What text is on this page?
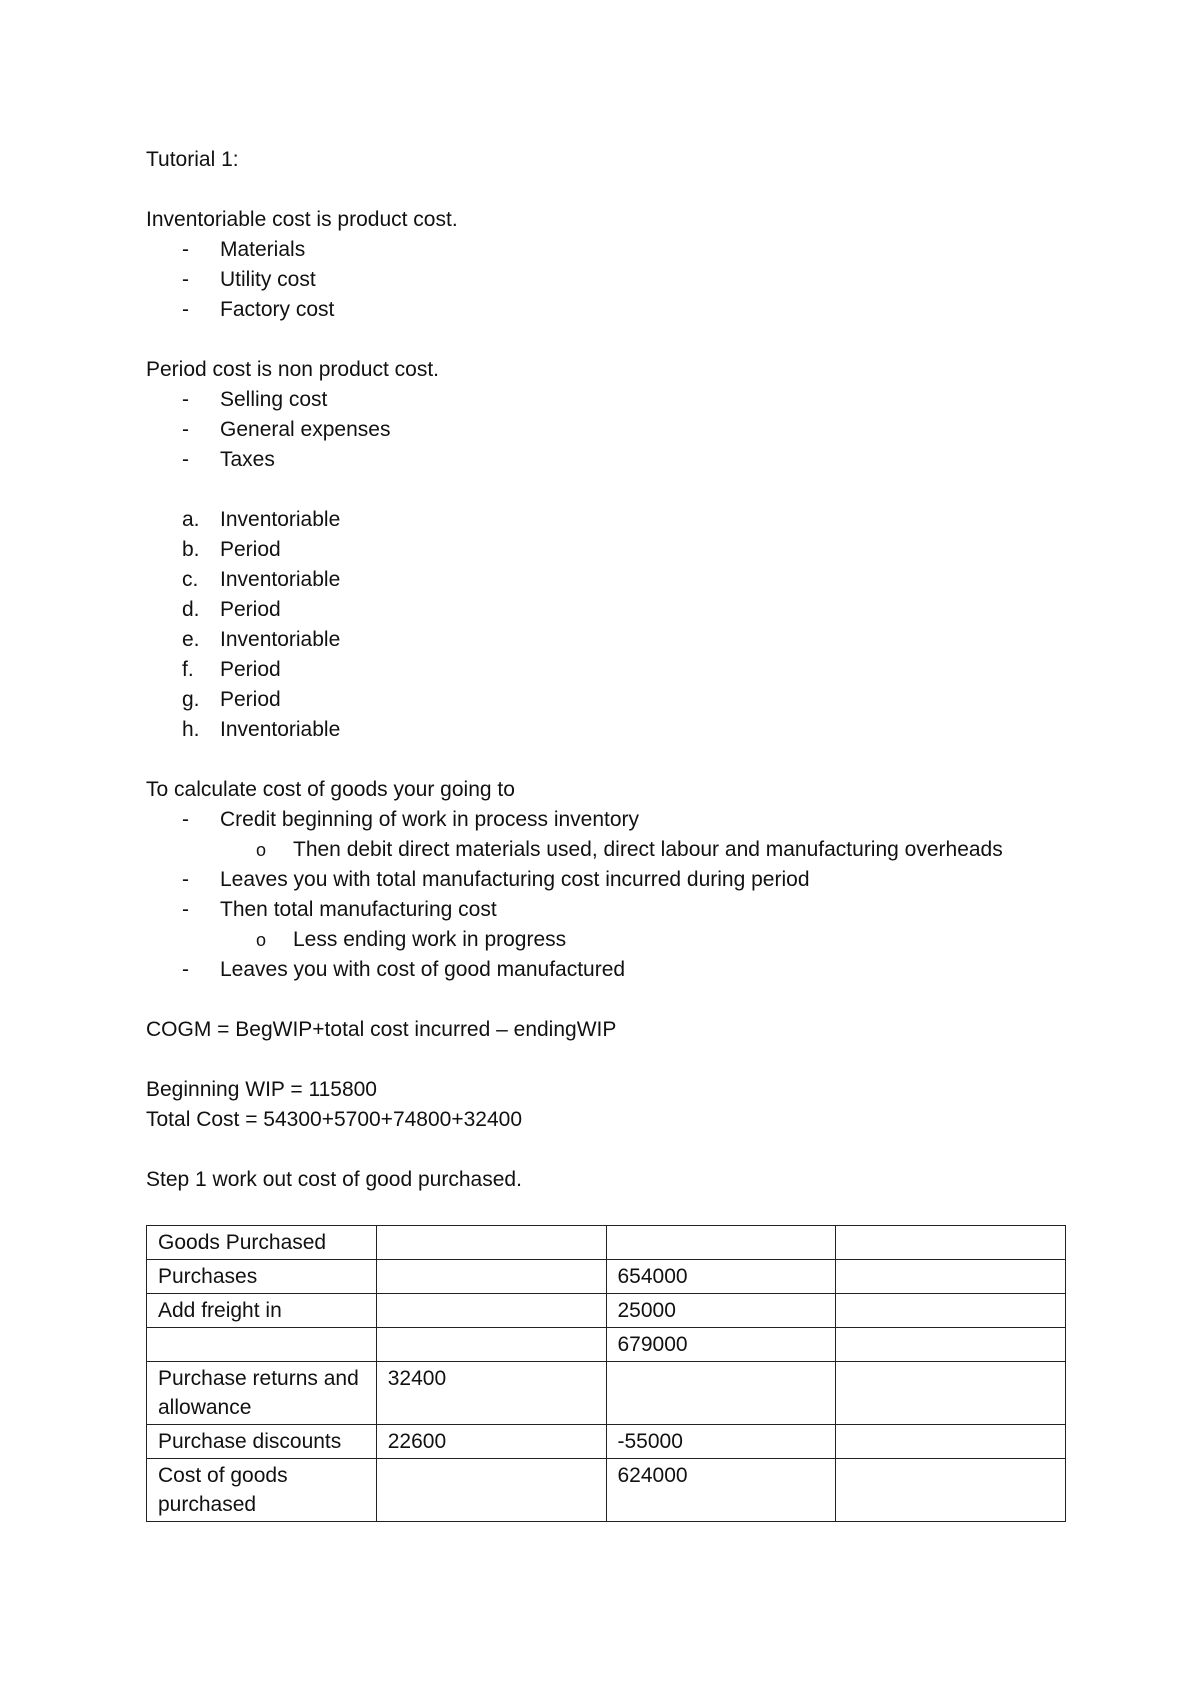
Tutorial 1:
Inventoriable cost is product cost.
- Materials
- Utility cost
- Factory cost
Period cost is non product cost.
- Selling cost
- General expenses
- Taxes
a. Inventoriable
b. Period
c. Inventoriable
d. Period
e. Inventoriable
f. Period
g. Period
h. Inventoriable
To calculate cost of goods your going to
- Credit beginning of work in process inventory
o Then debit direct materials used, direct labour and manufacturing overheads
- Leaves you with total manufacturing cost incurred during period
- Then total manufacturing cost
o Less ending work in progress
- Leaves you with cost of good manufactured
COGM = BegWIP+total cost incurred – endingWIP
Beginning WIP = 115800
Total Cost = 54300+5700+74800+32400
Step 1 work out cost of good purchased.
Goods Purchased			
Purchases		654000	
Add freight in		25000	
		679000	
Purchase returns and allowance	32400		
Purchase discounts	22600	-55000	
Cost of goods purchased		624000	
